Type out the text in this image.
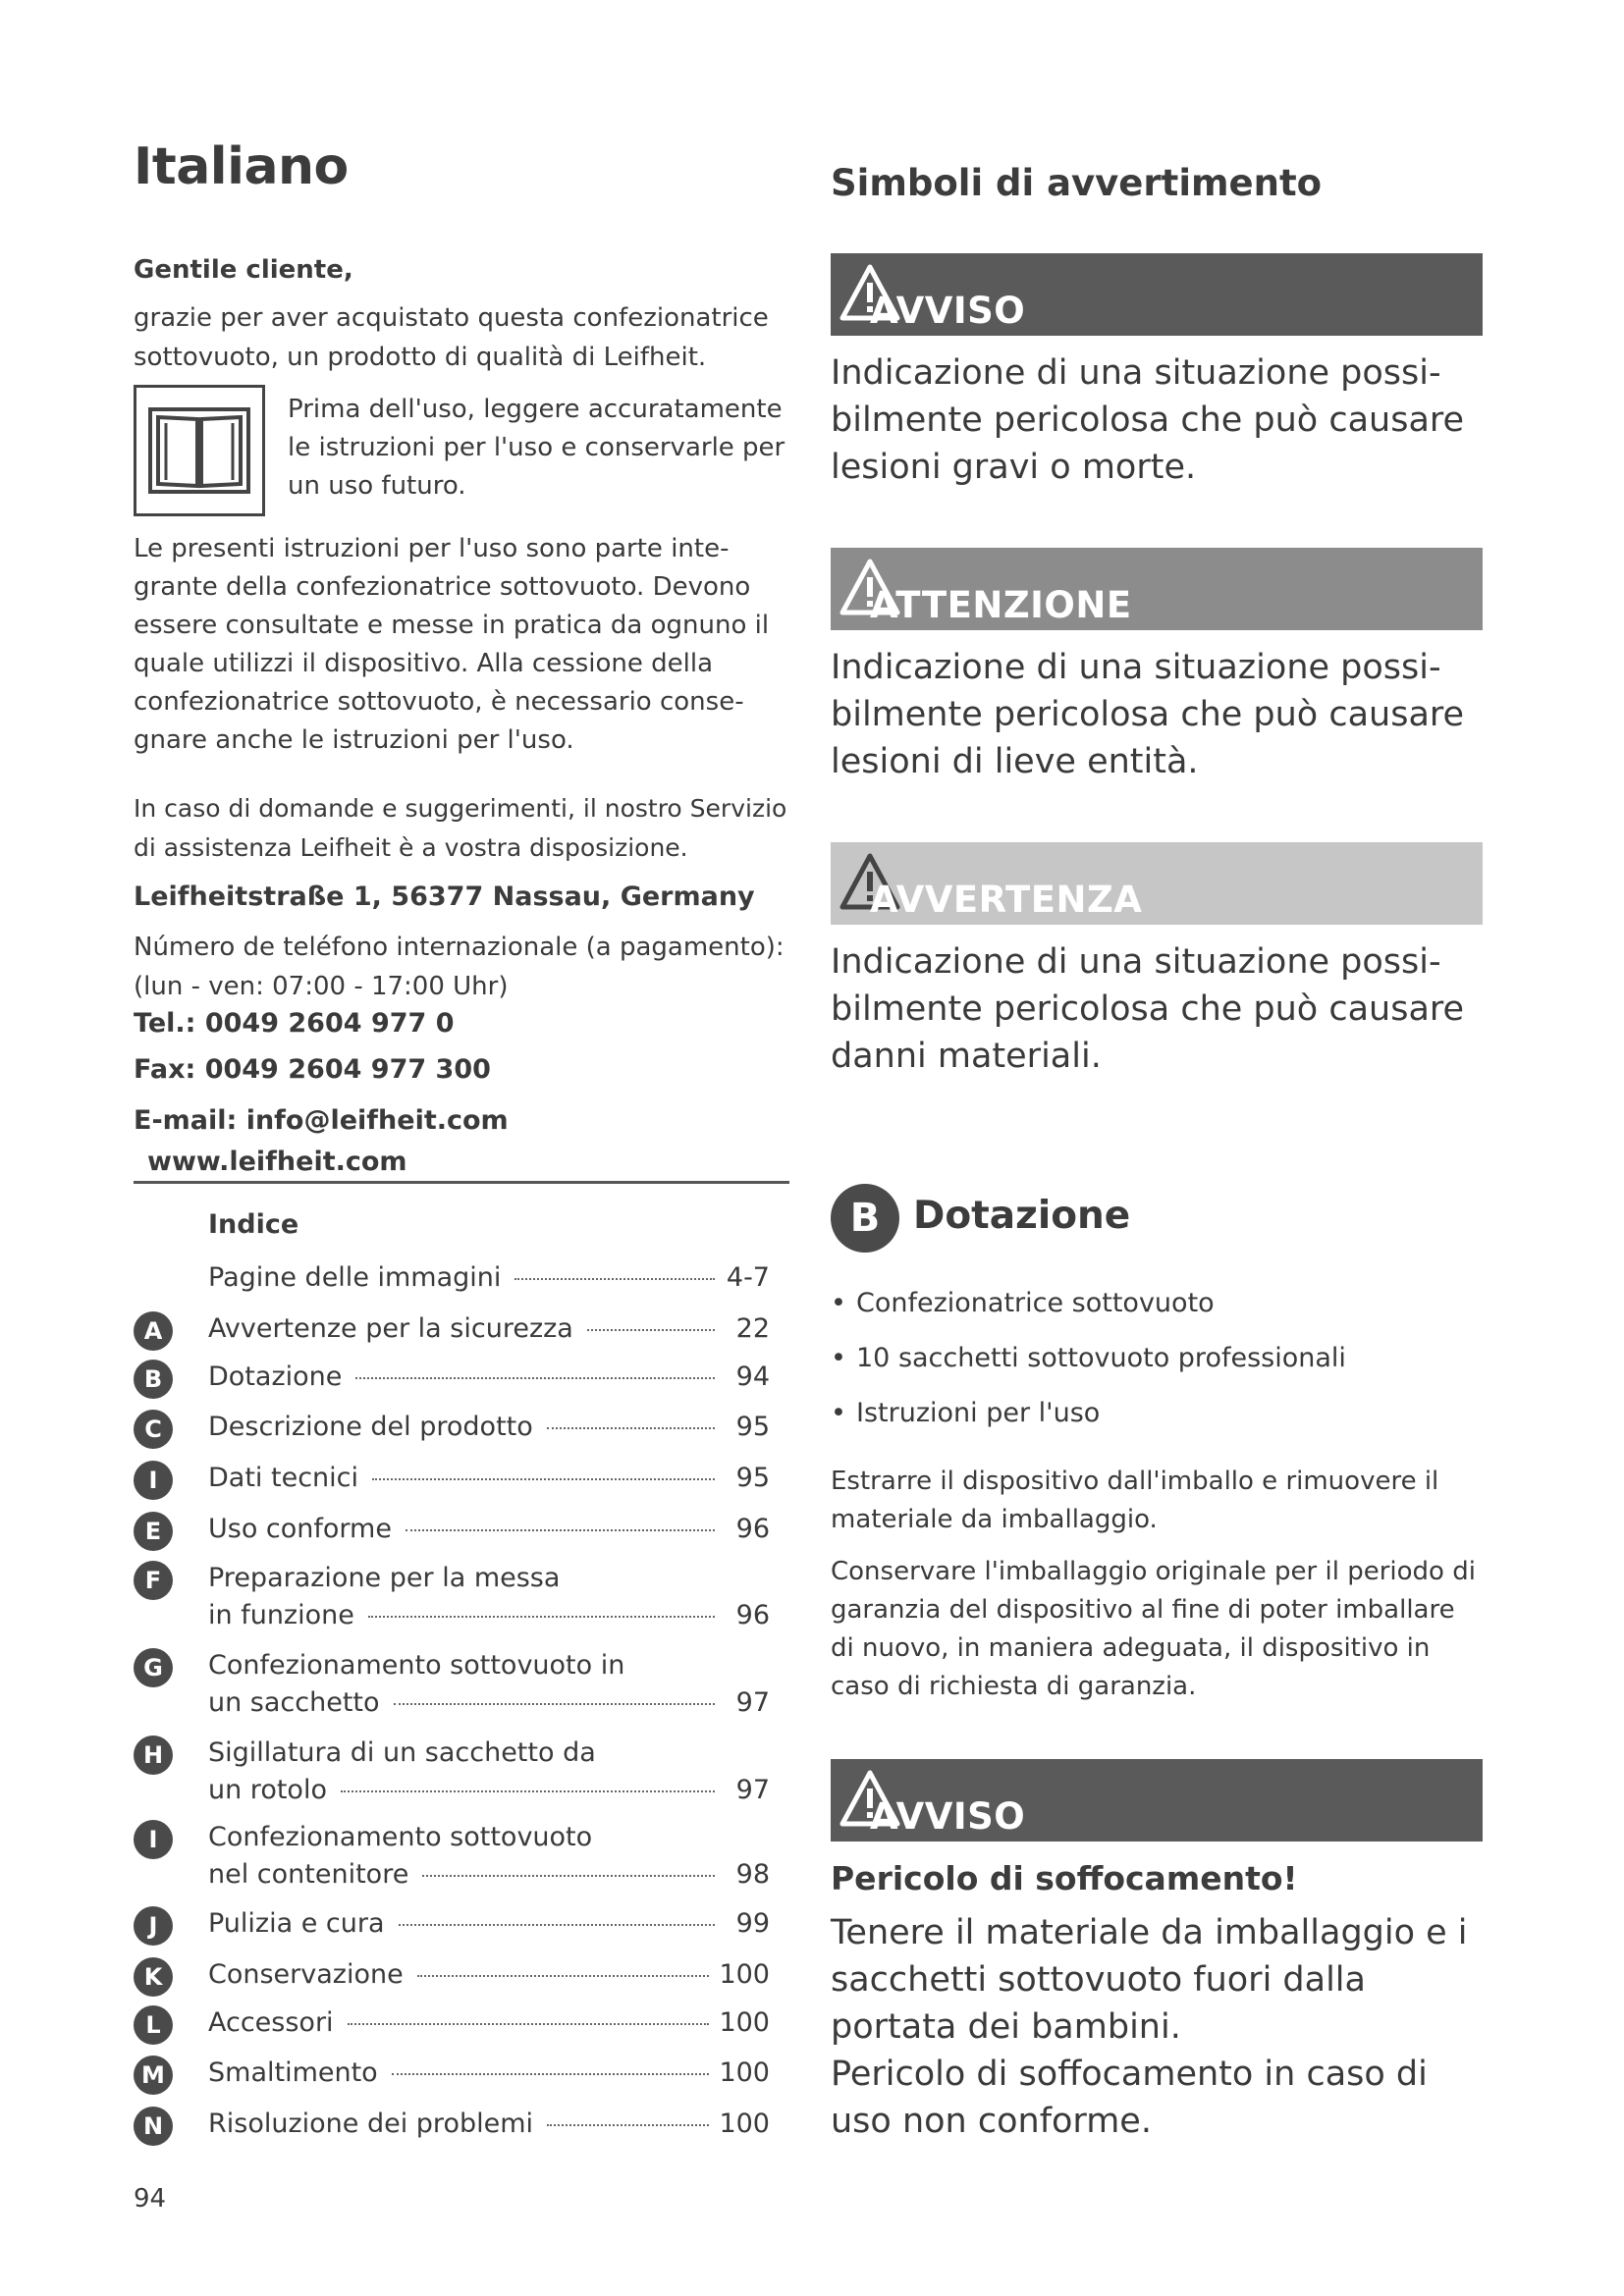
Italiano

Gentile cliente,

grazie per aver acquistato questa confezionatrice sottovuoto, un prodotto di qualità di Leifheit.

Prima dell'uso, leggere accuratamente le istruzioni per l'uso e conservarle per un uso futuro.

Le presenti istruzioni per l'uso sono parte integrante della confezionatrice sottovuoto. Devono essere consultate e messe in pratica da ognuno il quale utilizzi il dispositivo. Alla cessione della confezionatrice sottovuoto, è necessario consegnare anche le istruzioni per l'uso.

In caso di domande e suggerimenti, il nostro Servizio di assistenza Leifheit è a vostra disposizione.

Leifheitstraße 1, 56377 Nassau, Germany

Número de teléfono internazionale (a pagamento):
(lun - ven: 07:00 - 17:00 Uhr)

Tel.: 0049 2604 977 0

Fax: 0049 2604 977 300

E-mail: info@leifheit.com
www.leifheit.com

Indice
Pagine delle immagini	4-7
A	Avvertenze per la sicurezza	22
B	Dotazione	94
C	Descrizione del prodotto	95
I	Dati tecnici	95
E	Uso conforme	96
F	Preparazione per la messa
in funzione	96
G	Confezionamento sottovuoto in
un sacchetto	97
H	Sigillatura di un sacchetto da
un rotolo	97
I	Confezionamento sottovuoto
nel contenitore	98
J	Pulizia e cura	99
K	Conservazione	100
L	Accessori	100
M Smaltimento	100
N	Risoluzione dei problemi	100
94
Simboli di avvertimento
AVVISO

Indicazione di una situazione possibilmente pericolosa che può causare lesioni gravi o morte.

ATTENZIONE

Indicazione di una situazione possibilmente pericolosa che può causare lesioni di lieve entità.

AVVERTENZA

Indicazione di una situazione possibilmente pericolosa che può causare danni materiali.

B Dotazione
• Confezionatrice sottovuoto
• 10 sacchetti sottovuoto professionali
• Istruzioni per l'uso

Estrarre il dispositivo dall'imballo e rimuovere il materiale da imballaggio.

Conservare l'imballaggio originale per il periodo di garanzia del dispositivo al fine di poter imballare di nuovo, in maniera adeguata, il dispositivo in caso di richiesta di garanzia.

AVVISO

Pericolo di soffocamento!

Tenere il materiale da imballaggio e i sacchetti sottovuoto fuori dalla portata dei bambini.
Pericolo di soffocamento in caso di uso non conforme.
